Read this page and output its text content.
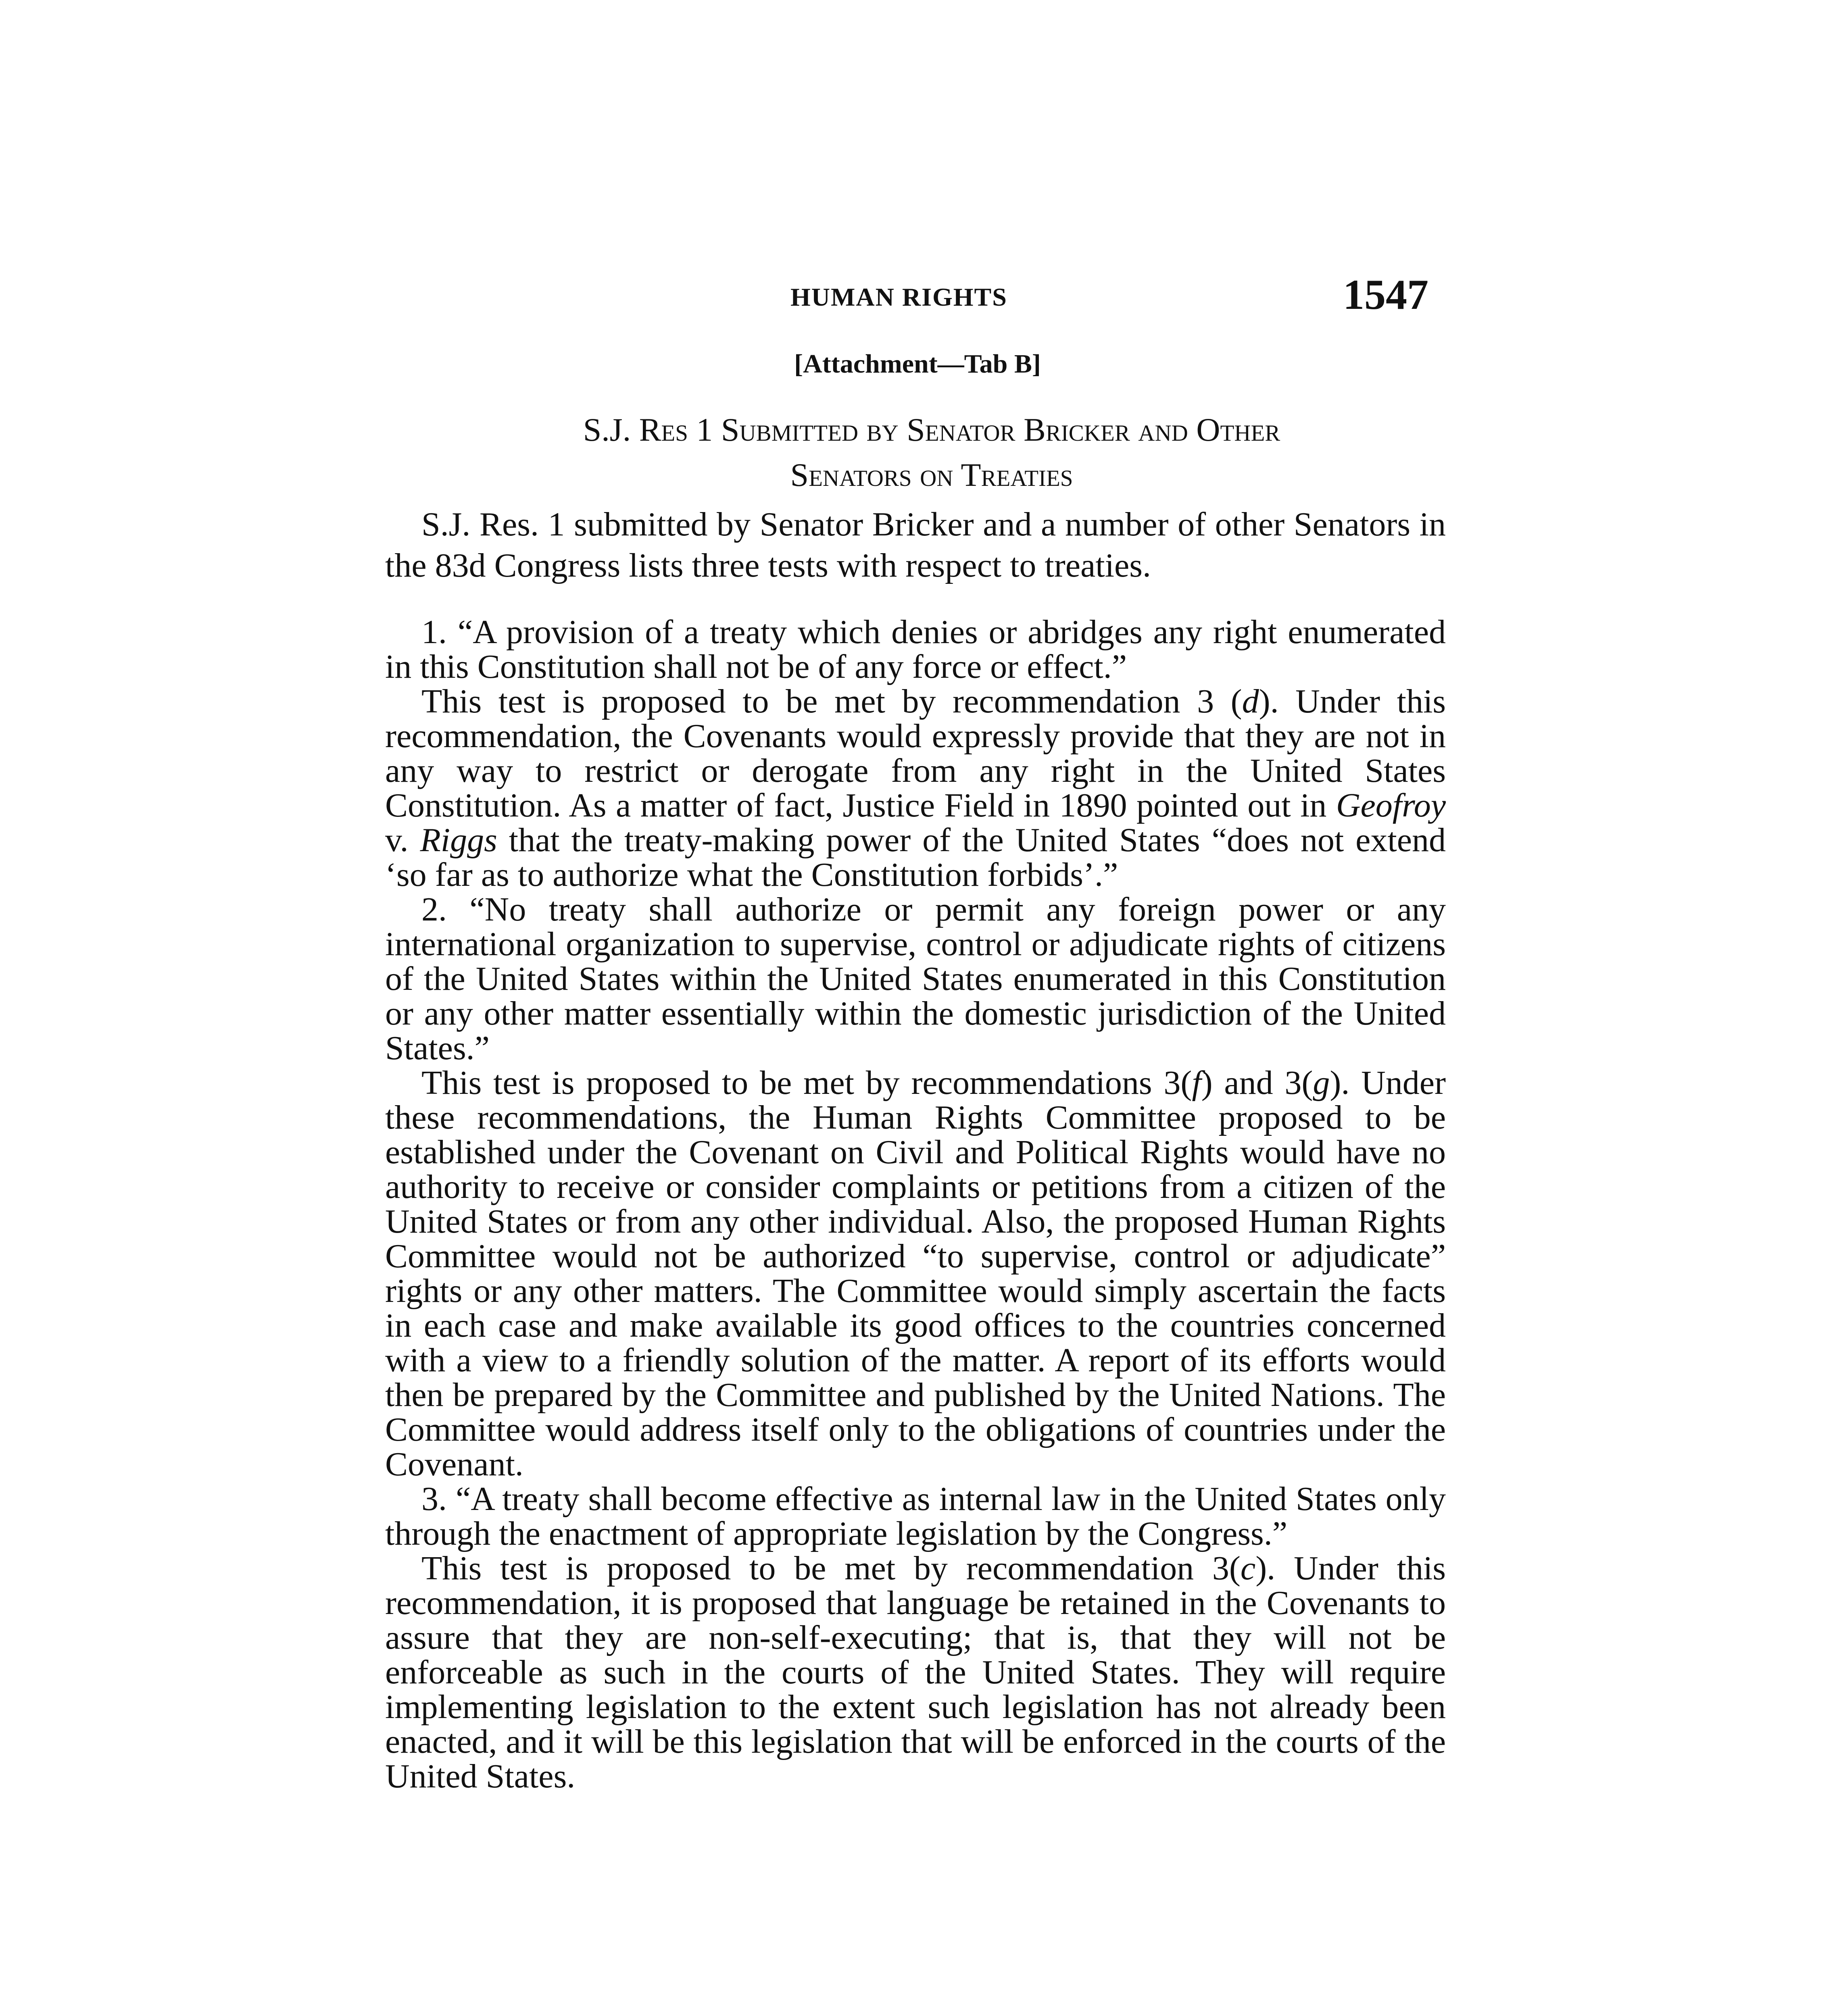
HUMAN RIGHTS	1547
[Attachment—Tab B]
S.J. Res 1 Submitted by Senator Bricker and Other
Senators on Treaties

S.J. Res. 1 submitted by Senator Bricker and a number of other Senators in the 83d Congress lists three tests with respect to treaties.

1. “A provision of a treaty which denies or abridges any right enumerated in this Constitution shall not be of any force or effect.”

This test is proposed to be met by recommendation 3 (d). Under this recommendation, the Covenants would expressly provide that they are not in any way to restrict or derogate from any right in the United States Constitution. As a matter of fact, Justice Field in 1890 pointed out in Geofroy v. Riggs that the treaty-making power of the United States “does not extend ‘so far as to authorize what the Constitution forbids’.”

2. “No treaty shall authorize or permit any foreign power or any international organization to supervise, control or adjudicate rights of citizens of the United States within the United States enumerated in this Constitution or any other matter essentially within the domestic jurisdiction of the United States.”

This test is proposed to be met by recommendations 3(f) and 3(g). Under these recommendations, the Human Rights Committee proposed to be established under the Covenant on Civil and Political Rights would have no authority to receive or consider complaints or petitions from a citizen of the United States or from any other individual. Also, the proposed Human Rights Committee would not be authorized “to supervise, control or adjudicate” rights or any other matters. The Committee would simply ascertain the facts in each case and make available its good offices to the countries concerned with a view to a friendly solution of the matter. A report of its efforts would then be prepared by the Committee and published by the United Nations. The Committee would address itself only to the obligations of countries under the Covenant.

3. “A treaty shall become effective as internal law in the United States only through the enactment of appropriate legislation by the Congress.”

This test is proposed to be met by recommendation 3(c). Under this recommendation, it is proposed that language be retained in the Covenants to assure that they are non-self-executing; that is, that they will not be enforceable as such in the courts of the United States. They will require implementing legislation to the extent such legislation has not already been enacted, and it will be this legislation that will be enforced in the courts of the United States.
